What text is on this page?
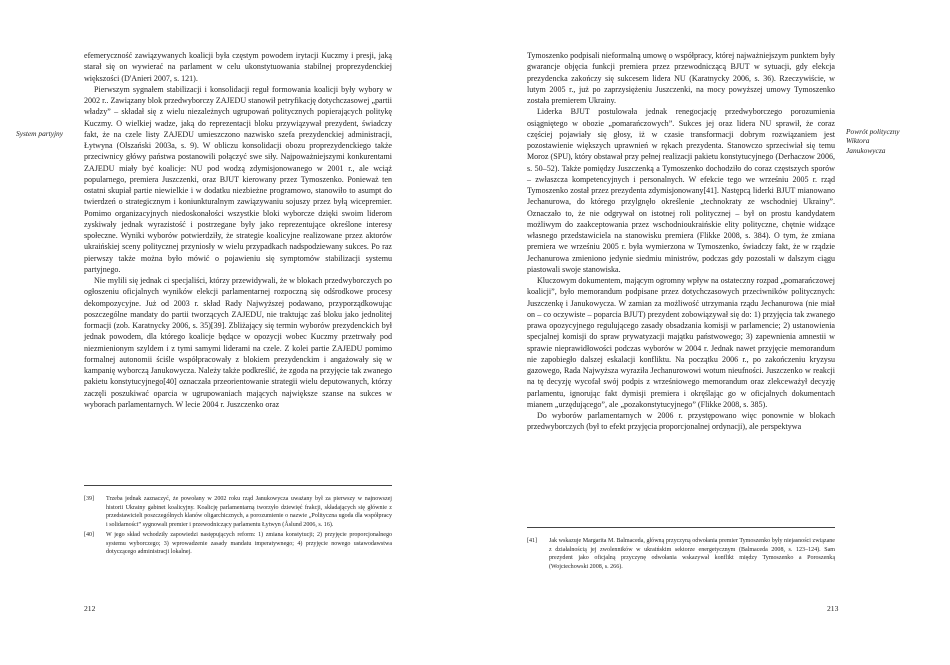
System partyjny

efemeryczność zawiązywanych koalicji była częstym powodem irytacji Kuczmy i presji, jaką starał się on wywierać na parlament w celu ukonstytuowania stabilnej proprezydenckiej większości (D'Anieri 2007, s. 121).

Pierwszym sygnałem stabilizacji i konsolidacji reguł formowania koalicji były wybory w 2002 r.. Zawiązany blok przedwyborczy ZAJEDU stanowił petryfikację dotychczasowej „partii władzy” – składał się z wielu niezależnych ugrupowań politycznych popierających politykę Kuczmy. O wielkiej wadze, jaką do reprezentacji bloku przywiązywał prezydent, świadczy fakt, że na czele listy ZAJEDU umieszczono nazwisko szefa prezydenckiej administracji, Łytwyna (Olszański 2003a, s. 9). W obliczu konsolidacji obozu proprezydenckiego także przeciwnicy główy państwa postanowili połączyć swe siły. Najpoważniejszymi konkurentami ZAJEDU miały być koalicje: NU pod wodzą zdymisjonowanego w 2001 r., ale wciąż popularnego, premiera Juszczenki, oraz BJUT kierowany przez Tymoszenko. Ponieważ ten ostatni skupiał partie niewielkie i w dodatku niezbieżne programowo, stanowiło to asumpt do twierdzeń o strategicznym i koniunkturalnym zawiązywaniu sojuszy przez byłą wicepremier. Pomimo organizacyjnych niedoskonałości wszystkie bloki wyborcze dzięki swoim liderom zyskiwały jednak wyrazistość i postrzegane były jako reprezentujące określone interesy społeczne. Wyniki wyborów potwierdziły, że strategie koalicyjne realizowane przez aktorów ukraińskiej sceny politycznej przyniosły w wielu przypadkach nadspodziewany sukces. Po raz pierwszy także można było mówić o pojawieniu się symptomów stabilizacji systemu partyjnego.

Nie mylili się jednak ci specjaliści, którzy przewidywali, że w blokach przedwyborczych po ogłoszeniu oficjalnych wyników elekcji parlamentarnej rozpoczną się odśrodkowe procesy dekompozycyjne. Już od 2003 r. skład Rady Najwyższej podawano, przyporządkowując poszczególne mandaty do partii tworzących ZAJEDU, nie traktując zaś bloku jako jednolitej formacji (zob. Karatnycky 2006, s. 35)[39]. Zbliżający się termin wyborów prezydenckich był jednak powodem, dla którego koalicje będące w opozycji wobec Kuczmy przetrwały pod niezmienionym szyldem i z tymi samymi liderami na czele. Z kolei partie ZAJEDU pomimo formalnej autonomii ściśle współpracowały z blokiem prezydenckim i angażowały się w kampanię wyborczą Janukowycza. Należy także podkreślić, że zgoda na przyjęcie tak zwanego pakietu konstytucyjnego[40] oznaczała przeorientowanie strategii wielu deputowanych, którzy zaczęli poszukiwać oparcia w ugrupowaniach mających największe szanse na sukces w wyborach parlamentarnych. W lecie 2004 r. Juszczenko oraz

[39] Trzeba jednak zaznaczyć, że powołany w 2002 roku rząd Janukowycza uważany był za pierwszy w najnowszej historii Ukrainy gabinet koalicyjny. Koalicję parlamentarną tworzyło dziewięć frakcji, składających się głównie z przedstawicieli poszczególnych klanów oligarchicznych, a porozumienie o nazwie „Polityczna ugoda dla współpracy i solidarności” sygnowali premier i przewodniczący parlamentu Łytwyn (Åslund 2006, s. 16).

[40] W jego skład wchodziły zapowiedzi następujących reform: 1) zmiana konstytucji; 2) przyjęcie proporcjonalnego systemu wyborczego; 3) wprowadzenie zasady mandatu imperatywnego; 4) przyjęcie nowego ustawodawstwa dotyczącego administracji lokalnej.

212

Tymoszenko podpisali nieformalną umowę o współpracy, której najważniejszym punktem były gwarancje objęcia funkcji premiera przez przewodniczącą BJUT w sytuacji, gdy elekcja prezydencka zakończy się sukcesem lidera NU (Karatnycky 2006, s. 36). Rzeczywiście, w lutym 2005 r., już po zaprzysiężeniu Juszczenki, na mocy powyższej umowy Tymoszenko została premierem Ukrainy.

Liderka BJUT postulowała jednak renegocjację przedwyborczego porozumienia osiągniętego w obozie „pomarańczowych”. Sukces jej oraz lidera NU sprawił, że coraz częściej pojawiały się głosy, iż w czasie transformacji dobrym rozwiązaniem jest pozostawienie większych uprawnień w rękach prezydenta. Stanowczo sprzeciwiał się temu Moroz (SPU), który obstawał przy pełnej realizacji pakietu konstytucyjnego (Derhaczow 2006, s. 50–52). Także pomiędzy Juszczenką a Tymoszenko dochodziło do coraz częstszych sporów – zwłaszcza kompetencyjnych i personalnych. W efekcie tego we wrześniu 2005 r. rząd Tymoszenko został przez prezydenta zdymisjonowany[41]. Następcą liderki BJUT mianowano Jechanurowa, do którego przylgnęło określenie „technokraty ze wschodniej Ukrainy”. Oznaczało to, że nie odgrywał on istotnej roli politycznej – był on prostu kandydatem możliwym do zaakceptowania przez wschodnioukraińskie elity polityczne, chętnie widzące własnego przedstawiciela na stanowisku premiera (Flikke 2008, s. 384). O tym, że zmiana premiera we wrześniu 2005 r. była wymierzona w Tymoszenko, świadczy fakt, że w rządzie Jechanurowa zmieniono jedynie siedmiu ministrów, podczas gdy pozostali w dalszym ciągu piastowali swoje stanowiska.

Kluczowym dokumentem, mającym ogromny wpływ na ostateczny rozpad „pomarańczowej koalicji”, było memorandum podpisane przez dotychczasowych przeciwników politycznych: Juszczenkę i Janukowycza. W zamian za możliwość utrzymania rządu Jechanurowa (nie miał on – co oczywiste – poparcia BJUT) prezydent zobowiązywał się do: 1) przyjęcia tak zwanego prawa opozycyjnego regulującego zasady obsadzania komisji w parlamencie; 2) ustanowienia specjalnej komisji do spraw prywatyzacji majątku państwowego; 3) zapewnienia amnestii w sprawie nieprawidłowości podczas wyborów w 2004 r. Jednak nawet przyjęcie memorandum nie zapobiegło dalszej eskalacji konfliktu. Na początku 2006 r., po zakończeniu kryzysu gazowego, Rada Najwyższa wyraziła Jechanurowowi wotum nieufności. Juszczenko w reakcji na tę decyzję wycofał swój podpis z wrześniowego memorandum oraz zlekceważył decyzję parlamentu, ignorując fakt dymisji premiera i okręślając go w oficjalnych dokumentach mianem „urzędującego”, ale „pozakonstytucyjnego” (Flikke 2008, s. 385).

Do wyborów parlamentarnych w 2006 r. przystępowano więc ponownie w blokach przedwyborczych (był to efekt przyjęcia proporcjonalnej ordynacji), ale perspektywa

Powrót polityczny Wiktora Janukowycza

[41] Jak wskazuje Margarita M. Balmaceda, główną przyczyną odwołania premier Tymoszenko były niejasności związane z działalnością jej zwolenników w ukraińskim sektorze energetycznym (Balmaceda 2008, s. 123–124). Sam prezydent jako oficjalną przyczynę odwołania wskazywał konflikt między Tymoszenko a Poroszenką (Wojciechowski 2008, s. 266).

213
